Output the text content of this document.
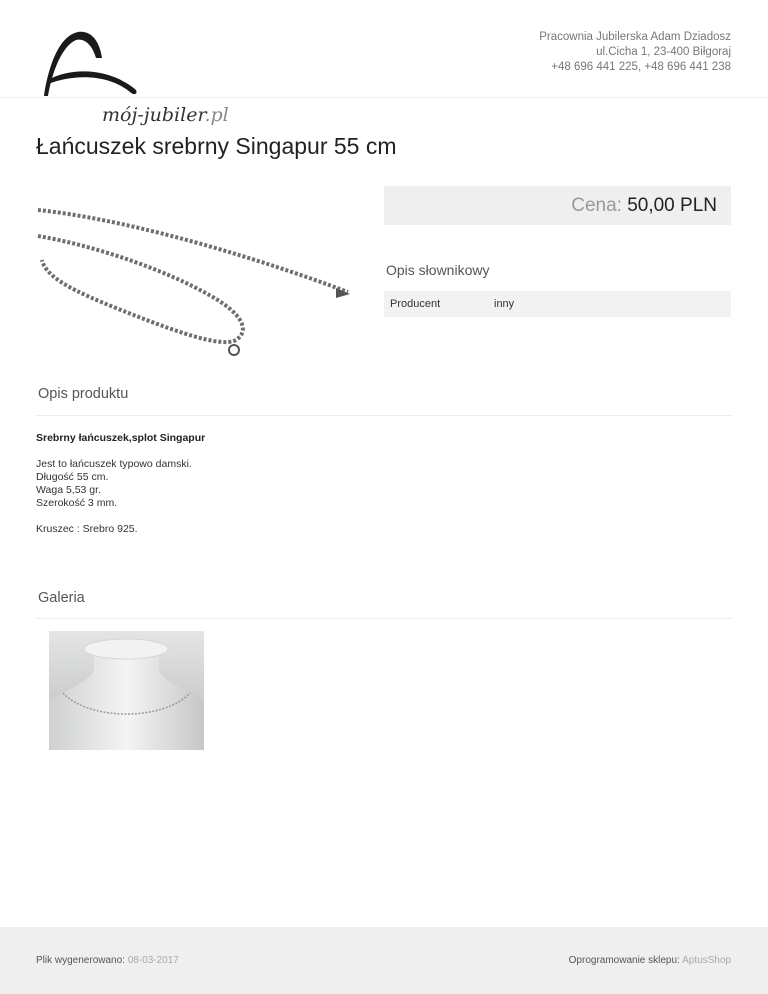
mój-jubiler.pl
Pracownia Jubilerska Adam Dziadosz
ul.Cicha 1, 23-400 Biłgoraj
+48 696 441 225, +48 696 441 238
Łańcuszek srebrny Singapur 55 cm
Cena: 50,00 PLN
Opis słownikowy
Producent	inny
Opis produktu
Srebrny łańcuszek,splot Singapur

Jest to łańcuszek typowo damski.

Długość 55 cm.

Waga 5,53 gr.

Szerokość 3 mm.

Kruszec : Srebro 925.

Galeria
Plik wygenerowano: 08-03-2017	Oprogramowanie sklepu: AptusShop
